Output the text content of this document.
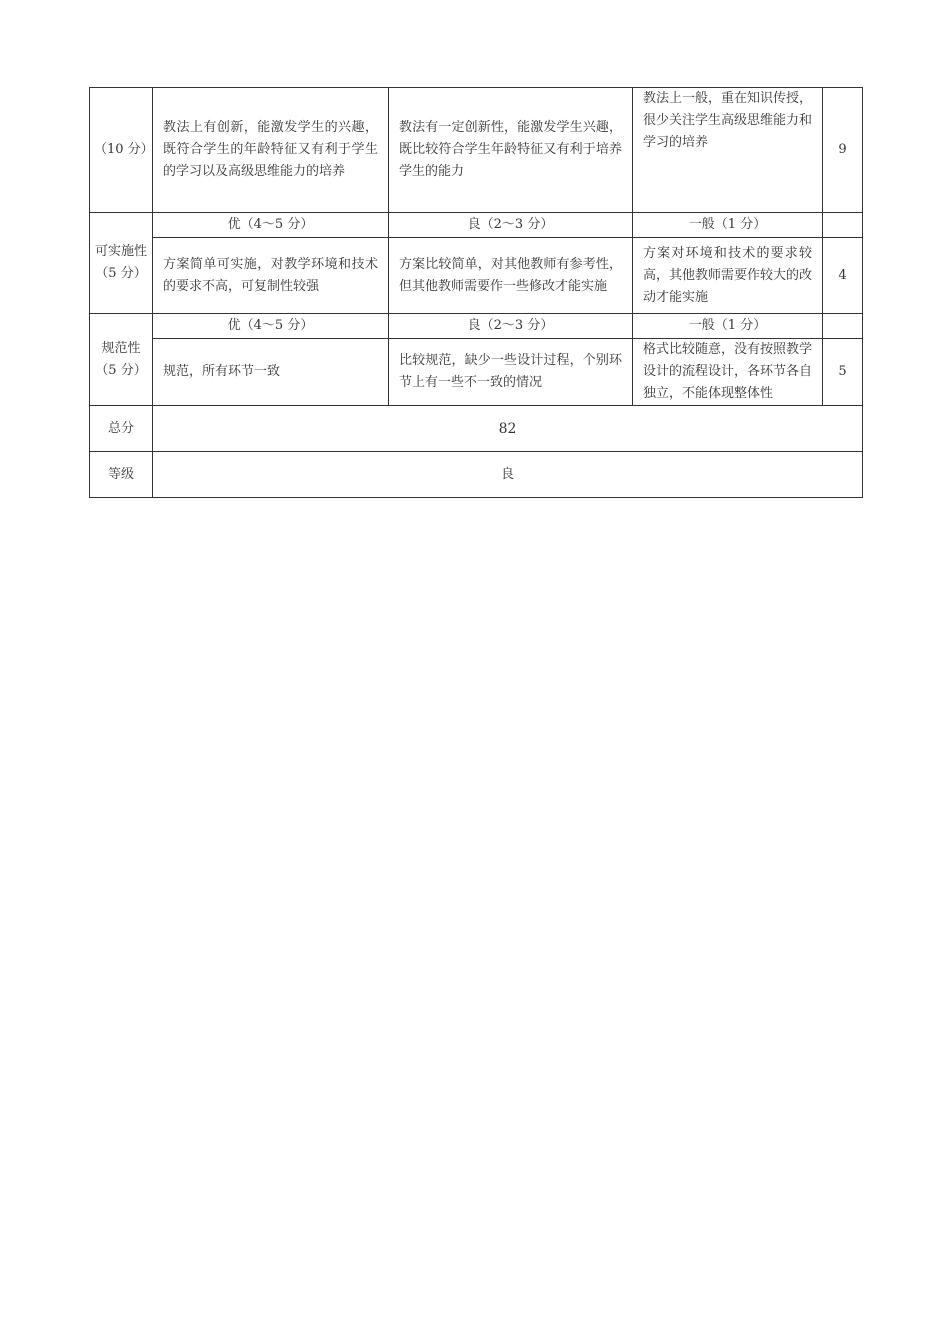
（10 分）	教法上有创新，能激发学生的兴趣，既符合学生的年龄特征又有利于学生的学习以及高级思维能力的培养	教法有一定创新性，能激发学生兴趣，既比较符合学生年龄特征又有利于培养学生的能力	教法上一般，重在知识传授，很少关注学生高级思维能力和学习的培养	9
可实施性（5 分）	优（4～5 分）	良（2～3 分）	一般（1 分）	
	方案简单可实施，对教学环境和技术的要求不高，可复制性较强	方案比较简单，对其他教师有参考性，但其他教师需要作一些修改才能实施	方案对环境和技术的要求较高，其他教师需要作较大的改动才能实施	4
规范性（5 分）	优（4～5 分）	良（2～3 分）	一般（1 分）	
	规范，所有环节一致	比较规范，缺少一些设计过程，个别环节上有一些不一致的情况	格式比较随意，没有按照教学设计的流程设计，各环节各自独立，不能体现整体性	5
总分	82			
等级	良			
